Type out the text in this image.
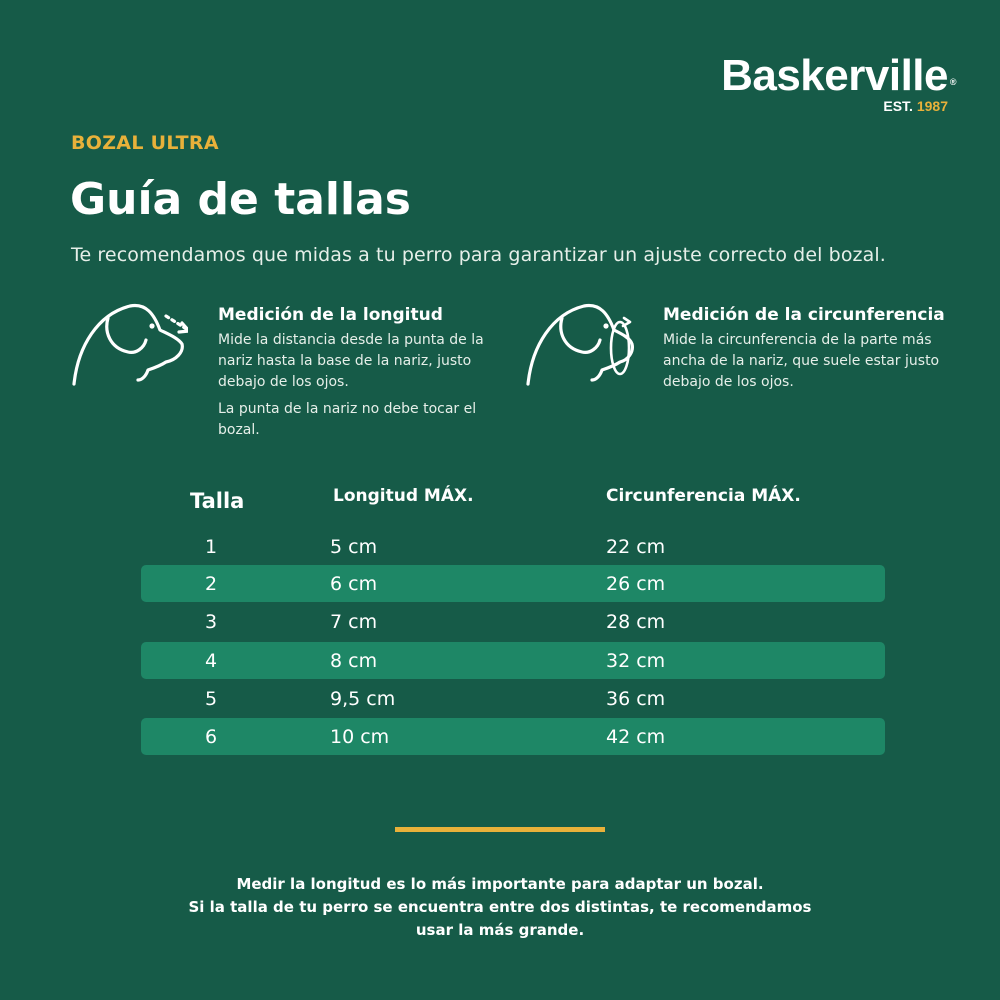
Baskerville ®
EST. 1987
BOZAL ULTRA
Guía de tallas
Te recomendamos que midas a tu perro para garantizar un ajuste correcto del bozal.
Medición de la longitud
Mide la distancia desde la punta de la
nariz hasta la base de la nariz, justo
debajo de los ojos.
La punta de la nariz no debe tocar el
bozal.
Medición de la circunferencia
Mide la circunferencia de la parte más
ancha de la nariz, que suele estar justo
debajo de los ojos.
Talla	Longitud MÁX.	Circunferencia MÁX.
1	5 cm	22 cm
2	6 cm	26 cm
3	7 cm	28 cm
4	8 cm	32 cm
5	9,5 cm	36 cm
6	10 cm	42 cm
Medir la longitud es lo más importante para adaptar un bozal.
Si la talla de tu perro se encuentra entre dos distintas, te recomendamos
usar la más grande.
